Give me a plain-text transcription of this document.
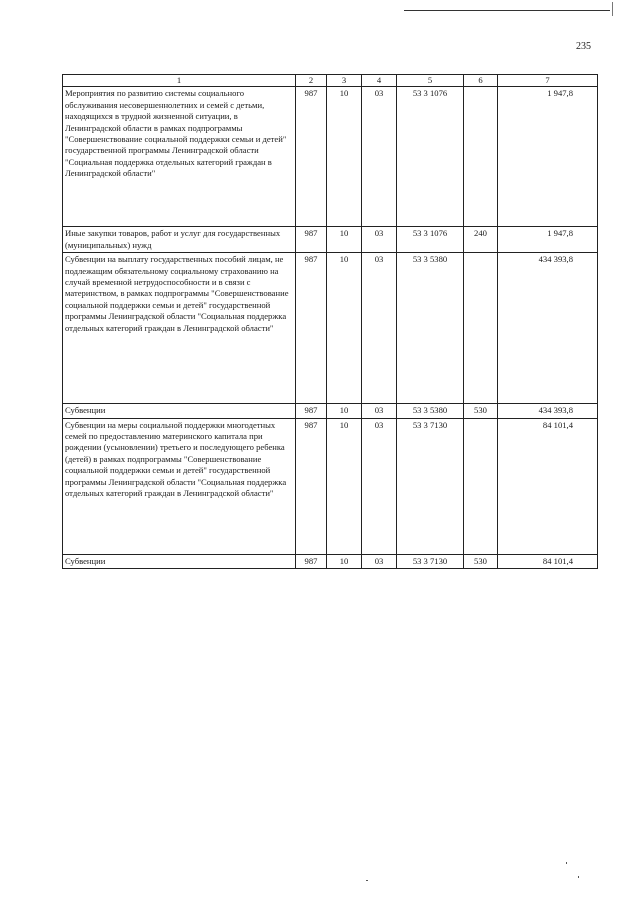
235
1	2	3	4	5	6	7
Мероприятия по развитию системы социального обслуживания несовершеннолетних и семей с детьми, находящихся в трудной жизненной ситуации, в Ленинградской области в рамках подпрограммы "Совершенствование социальной поддержки семьи и детей" государственной программы Ленинградской области "Социальная поддержка отдельных категорий граждан в Ленинградской области"	987	10	03	53 3 1076		1 947,8
Иные закупки товаров, работ и услуг для государственных (муниципальных) нужд	987	10	03	53 3 1076	240	1 947,8
Субвенции на выплату государственных пособий лицам, не подлежащим обязательному социальному страхованию на случай временной нетрудоспособности и в связи с материнством, в рамках подпрограммы "Совершенствование социальной поддержки семьи и детей" государственной программы Ленинградской области "Социальная поддержка отдельных категорий граждан в Ленинградской области"	987	10	03	53 3 5380		434 393,8
Субвенции	987	10	03	53 3 5380	530	434 393,8
Субвенции на меры социальной поддержки многодетных семей по предоставлению материнского капитала при рождении (усыновлении) третьего и последующего ребенка (детей) в рамках подпрограммы "Совершенствование социальной поддержки семьи и детей" государственной программы Ленинградской области "Социальная поддержка отдельных категорий граждан в Ленинградской области"	987	10	03	53 3 7130		84 101,4
Субвенции	987	10	03	53 3 7130	530	84 101,4
